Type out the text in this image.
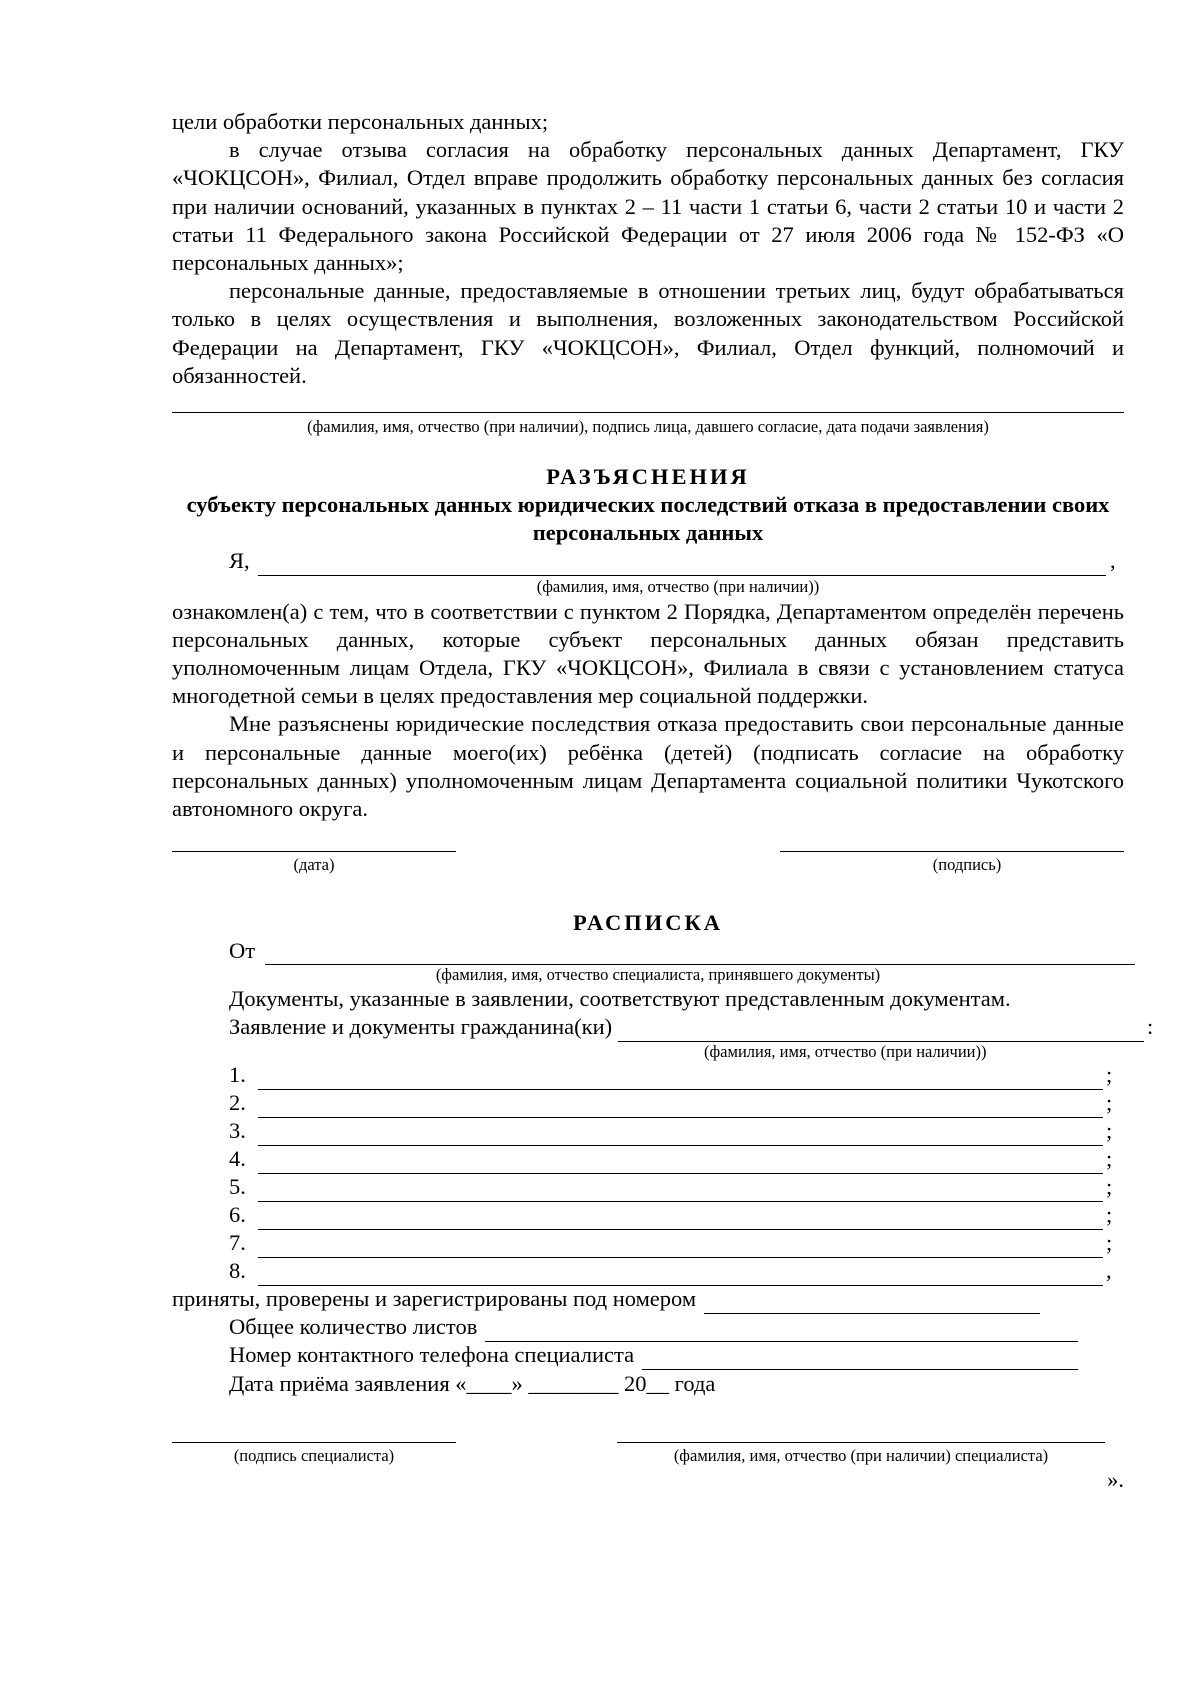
цели обработки персональных данных;

в случае отзыва согласия на обработку персональных данных Департамент, ГКУ «ЧОКЦСОН», Филиал, Отдел вправе продолжить обработку персональных данных без согласия при наличии оснований, указанных в пунктах 2 – 11 части 1 статьи 6, части 2 статьи 10 и части 2 статьи 11 Федерального закона Российской Федерации от 27 июля 2006 года № 152-ФЗ «О персональных данных»;

персональные данные, предоставляемые в отношении третьих лиц, будут обрабатываться только в целях осуществления и выполнения, возложенных законодательством Российской Федерации на Департамент, ГКУ «ЧОКЦСОН», Филиал, Отдел функций, полномочий и обязанностей.

(фамилия, имя, отчество (при наличии), подпись лица, давшего согласие, дата подачи заявления)

РАЗЪЯСНЕНИЯ

субъекту персональных данных юридических последствий отказа в предоставлении своих персональных данных

Я,	,

(фамилия, имя, отчество (при наличии))

ознакомлен(а) с тем, что в соответствии с пунктом 2 Порядка, Департаментом определён перечень персональных данных, которые субъект персональных данных обязан представить уполномоченным лицам Отдела, ГКУ «ЧОКЦСОН», Филиала в связи с установлением статуса многодетной семьи в целях предоставления мер социальной поддержки.

Мне разъяснены юридические последствия отказа предоставить свои персональные данные и персональные данные моего(их) ребёнка (детей) (подписать согласие на обработку персональных данных) уполномоченным лицам Департамента социальной политики Чукотского автономного округа.

(дата)	(подпись)

РАСПИСКА

От

(фамилия, имя, отчество специалиста, принявшего документы)

Документы, указанные в заявлении, соответствуют представленным документам.

Заявление и документы гражданина(ки)	:

(фамилия, имя, отчество (при наличии))

1.	;
2.	;
3.	;
4.	;
5.	;
6.	;
7.	;
8.	,
приняты, проверены и зарегистрированы под номером
Общее количество листов
Номер контактного телефона специалиста

Дата приёма заявления «____» ________ 20__ года

(подпись специалиста)	(фамилия, имя, отчество (при наличии) специалиста)

».
